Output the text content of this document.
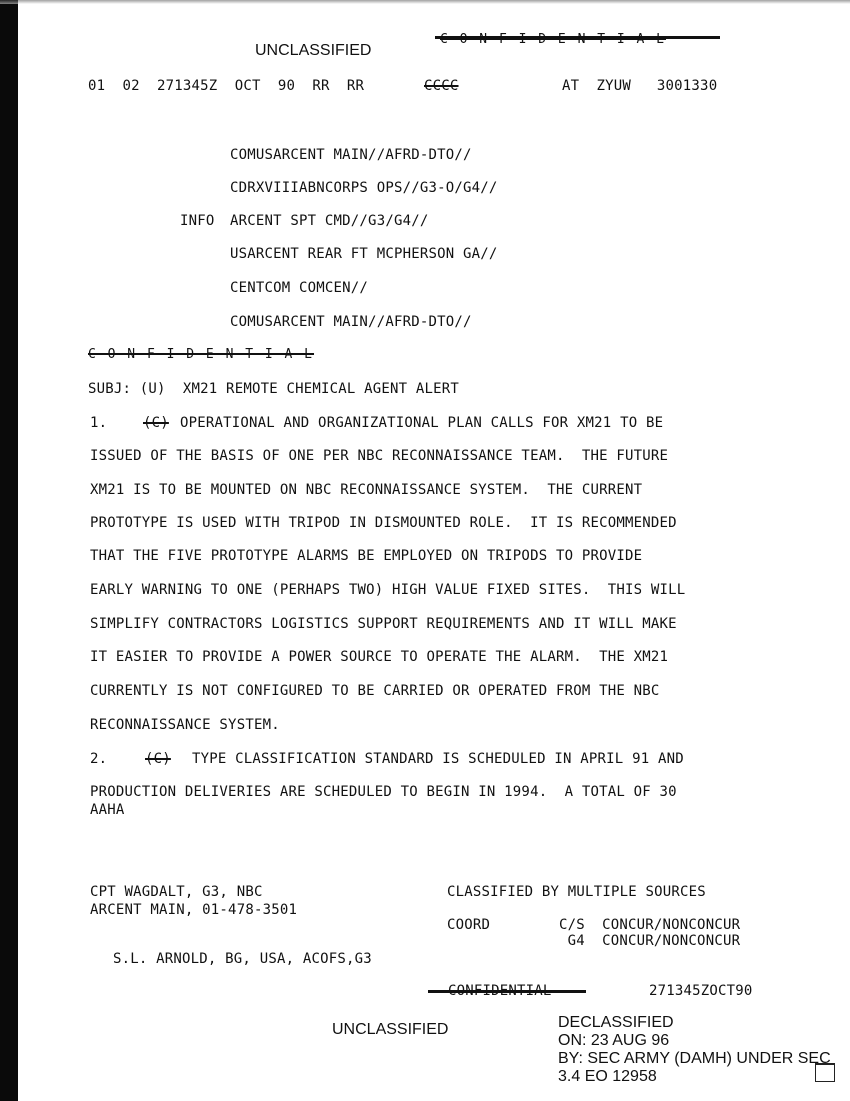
UNCLASSIFIED
C O N F I D E N T I A L
01  02  271345Z  OCT  90  RR  RR	CCCC	AT  ZYUW   3001330
COMUSARCENT MAIN//AFRD-DTO//
CDRXVIIIABNCORPS OPS//G3-O/G4//
INFO ARCENT SPT CMD//G3/G4//
USARCENT REAR FT MCPHERSON GA//
CENTCOM COMCEN//
COMUSARCENT MAIN//AFRD-DTO//
C O N F I D E N T I A L
SUBJ: (U)  XM21 REMOTE CHEMICAL AGENT ALERT
1.	(C) OPERATIONAL AND ORGANIZATIONAL PLAN CALLS FOR XM21 TO BE
ISSUED OF THE BASIS OF ONE PER NBC RECONNAISSANCE TEAM.  THE FUTURE
XM21 IS TO BE MOUNTED ON NBC RECONNAISSANCE SYSTEM.  THE CURRENT
PROTOTYPE IS USED WITH TRIPOD IN DISMOUNTED ROLE.  IT IS RECOMMENDED
THAT THE FIVE PROTOTYPE ALARMS BE EMPLOYED ON TRIPODS TO PROVIDE
EARLY WARNING TO ONE (PERHAPS TWO) HIGH VALUE FIXED SITES.  THIS WILL
SIMPLIFY CONTRACTORS LOGISTICS SUPPORT REQUIREMENTS AND IT WILL MAKE
IT EASIER TO PROVIDE A POWER SOURCE TO OPERATE THE ALARM.  THE XM21
CURRENTLY IS NOT CONFIGURED TO BE CARRIED OR OPERATED FROM THE NBC
RECONNAISSANCE SYSTEM.
2.	(C) TYPE CLASSIFICATION STANDARD IS SCHEDULED IN APRIL 91 AND
PRODUCTION DELIVERIES ARE SCHEDULED TO BEGIN IN 1994.  A TOTAL OF 30
AAHA
CPT WAGDALT, G3, NBC
ARCENT MAIN, 01-478-3501
CLASSIFIED BY MULTIPLE SOURCES
COORD	C/S  CONCUR/NONCONCUR
G4  CONCUR/NONCONCUR
S.L. ARNOLD, BG, USA, ACOFS,G3
CONFIDENTIAL	271345ZOCT90
UNCLASSIFIED	DECLASSIFIED
ON: 23 AUG 96
BY: SEC ARMY (DAMH) UNDER SEC
3.4 EO 12958
